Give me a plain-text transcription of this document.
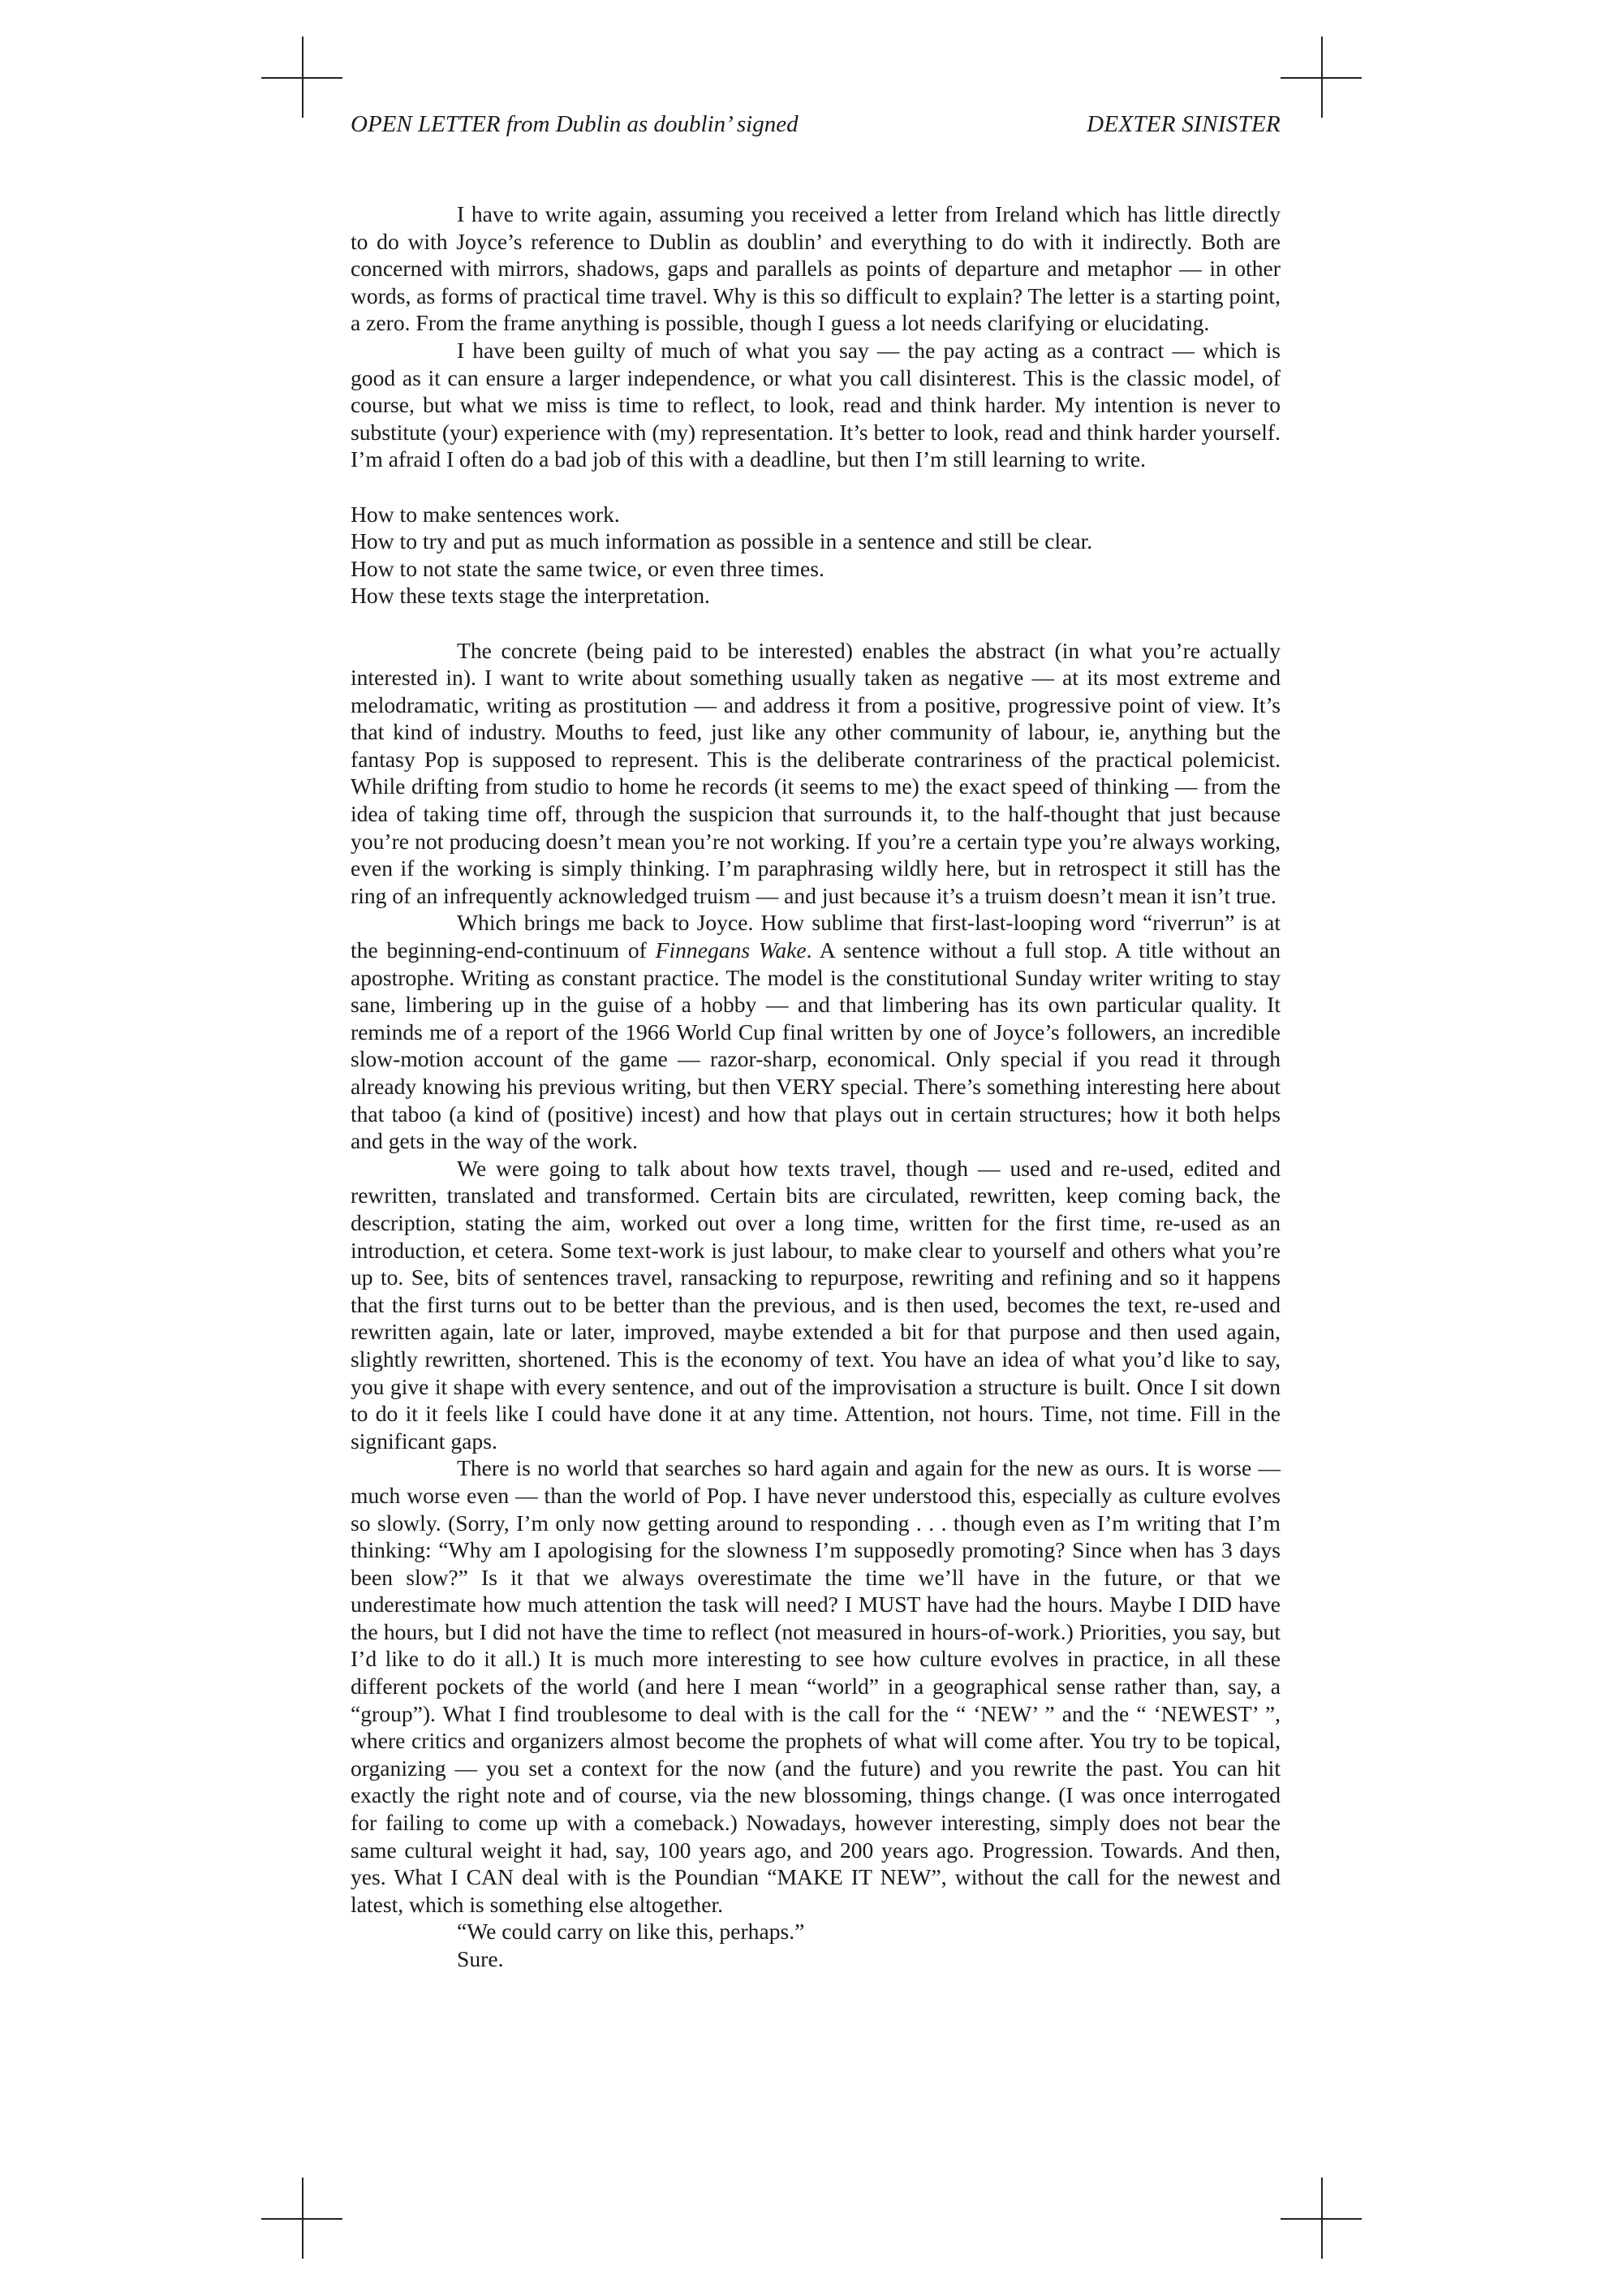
OPEN LETTER from Dublin as doublin’ signed	DEXTER SINISTER

I have to write again, assuming you received a letter from Ireland which has little directly to do with Joyce’s reference to Dublin as doublin’ and everything to do with it indirectly. Both are concerned with mirrors, shadows, gaps and parallels as points of departure and metaphor — in other words, as forms of practical time travel. Why is this so difficult to explain? The letter is a starting point, a zero. From the frame anything is possible, though I guess a lot needs clarifying or elucidating.

I have been guilty of much of what you say — the pay acting as a contract — which is good as it can ensure a larger independence, or what you call disinterest. This is the classic model, of course, but what we miss is time to reflect, to look, read and think harder. My intention is never to substitute (your) experience with (my) representation. It’s better to look, read and think harder yourself. I’m afraid I often do a bad job of this with a deadline, but then I’m still learning to write.

How to make sentences work.
How to try and put as much information as possible in a sentence and still be clear.
How to not state the same twice, or even three times.
How these texts stage the interpretation.

The concrete (being paid to be interested) enables the abstract (in what you’re actually interested in). I want to write about something usually taken as negative — at its most extreme and melodramatic, writing as prostitution — and address it from a positive, progressive point of view. It’s that kind of industry. Mouths to feed, just like any other community of labour, ie, anything but the fantasy Pop is supposed to represent. This is the deliberate contrariness of the practical polemicist. While drifting from studio to home he records (it seems to me) the exact speed of thinking — from the idea of taking time off, through the suspicion that surrounds it, to the half-thought that just because you’re not producing doesn’t mean you’re not working. If you’re a certain type you’re always working, even if the working is simply thinking. I’m paraphrasing wildly here, but in retrospect it still has the ring of an infrequently acknowledged truism — and just because it’s a truism doesn’t mean it isn’t true.

Which brings me back to Joyce. How sublime that first-last-looping word “riverrun” is at the beginning-end-continuum of Finnegans Wake. A sentence without a full stop. A title without an apostrophe. Writing as constant practice. The model is the constitutional Sunday writer writing to stay sane, limbering up in the guise of a hobby — and that limbering has its own particular quality. It reminds me of a report of the 1966 World Cup final written by one of Joyce’s followers, an incredible slow-motion account of the game — razor-sharp, economical. Only special if you read it through already knowing his previous writing, but then VERY special. There’s something interesting here about that taboo (a kind of (positive) incest) and how that plays out in certain structures; how it both helps and gets in the way of the work.

We were going to talk about how texts travel, though — used and re-used, edited and rewritten, translated and transformed. Certain bits are circulated, rewritten, keep coming back, the description, stating the aim, worked out over a long time, written for the first time, re-used as an introduction, et cetera. Some text-work is just labour, to make clear to yourself and others what you’re up to. See, bits of sentences travel, ransacking to repurpose, rewriting and refining and so it happens that the first turns out to be better than the previous, and is then used, becomes the text, re-used and rewritten again, late or later, improved, maybe extended a bit for that purpose and then used again, slightly rewritten, shortened. This is the economy of text. You have an idea of what you’d like to say, you give it shape with every sentence, and out of the improvisation a structure is built. Once I sit down to do it it feels like I could have done it at any time. Attention, not hours. Time, not time. Fill in the significant gaps.

There is no world that searches so hard again and again for the new as ours. It is worse — much worse even — than the world of Pop. I have never understood this, especially as culture evolves so slowly. (Sorry, I’m only now getting around to responding . . . though even as I’m writing that I’m thinking: “Why am I apologising for the slowness I’m supposedly promoting? Since when has 3 days been slow?” Is it that we always overestimate the time we’ll have in the future, or that we underestimate how much attention the task will need? I MUST have had the hours. Maybe I DID have the hours, but I did not have the time to reflect (not measured in hours-of-work.) Priorities, you say, but I’d like to do it all.) It is much more interesting to see how culture evolves in practice, in all these different pockets of the world (and here I mean “world” in a geographical sense rather than, say, a “group”). What I find troublesome to deal with is the call for the “ ‘NEW’ ” and the “ ‘NEWEST’ ”, where critics and organizers almost become the prophets of what will come after. You try to be topical, organizing — you set a context for the now (and the future) and you rewrite the past. You can hit exactly the right note and of course, via the new blossoming, things change. (I was once interrogated for failing to come up with a comeback.) Nowadays, however interesting, simply does not bear the same cultural weight it had, say, 100 years ago, and 200 years ago. Progression. Towards. And then, yes. What I CAN deal with is the Poundian “MAKE IT NEW”, without the call for the newest and latest, which is something else altogether.

“We could carry on like this, perhaps.”

Sure.
